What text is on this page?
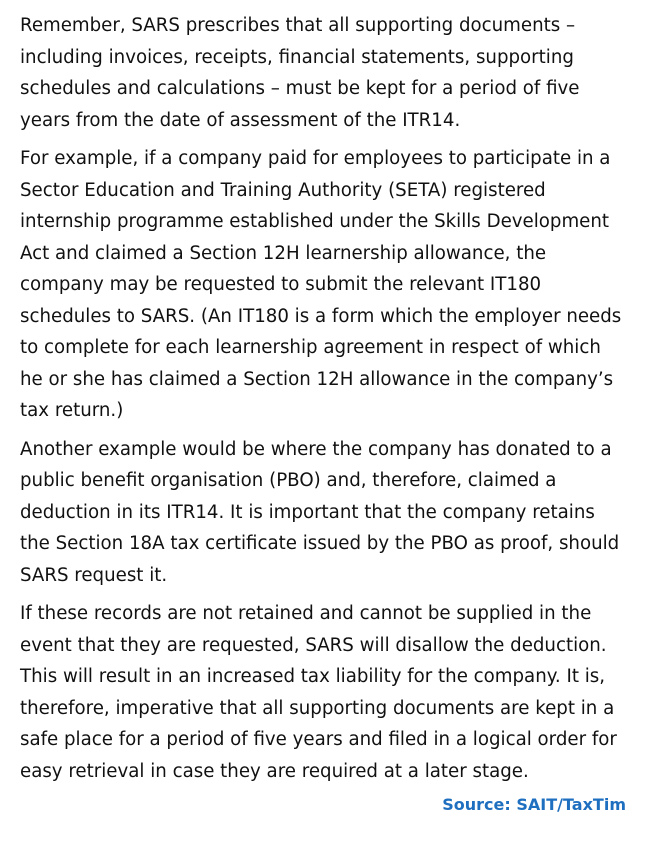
Remember, SARS prescribes that all supporting documents –
including invoices, receipts, financial statements, supporting
schedules and calculations – must be kept for a period of five
years from the date of assessment of the ITR14.

For example, if a company paid for employees to participate in a
Sector Education and Training Authority (SETA) registered
internship programme established under the Skills Development
Act and claimed a Section 12H learnership allowance, the
company may be requested to submit the relevant IT180
schedules to SARS. (An IT180 is a form which the employer needs
to complete for each learnership agreement in respect of which
he or she has claimed a Section 12H allowance in the company’s
tax return.)

Another example would be where the company has donated to a
public benefit organisation (PBO) and, therefore, claimed a
deduction in its ITR14. It is important that the company retains
the Section 18A tax certificate issued by the PBO as proof, should
SARS request it.

If these records are not retained and cannot be supplied in the
event that they are requested, SARS will disallow the deduction.
This will result in an increased tax liability for the company. It is,
therefore, imperative that all supporting documents are kept in a
safe place for a period of five years and filed in a logical order for
easy retrieval in case they are required at a later stage.

Source: SAIT/TaxTim
